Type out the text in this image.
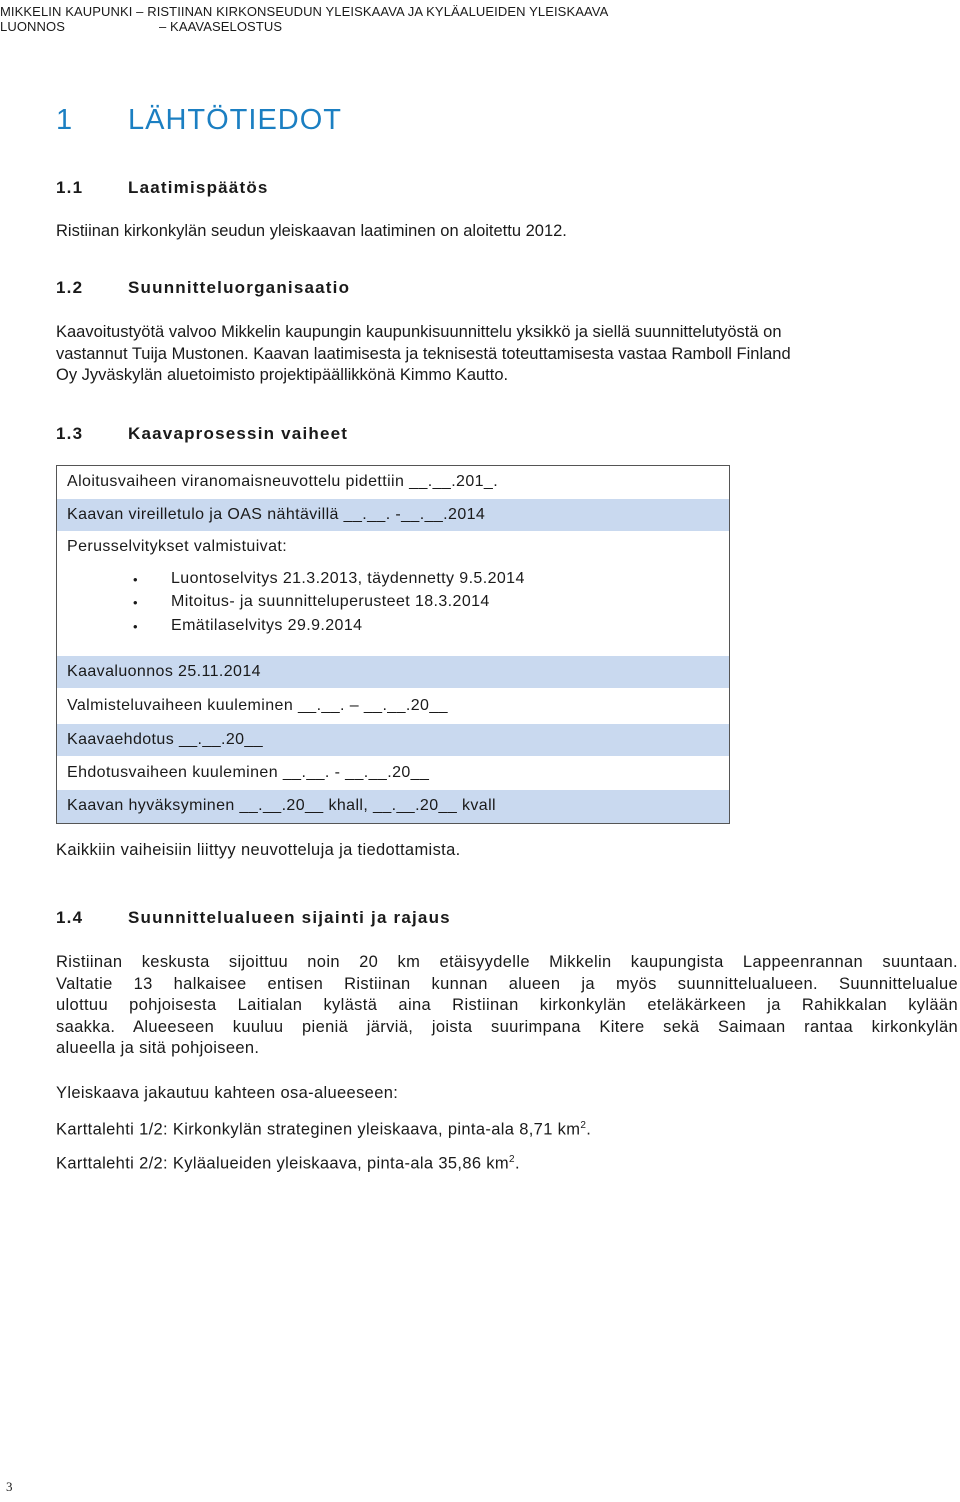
MIKKELIN KAUPUNKI – RISTIINAN KIRKONSEUDUN YLEISKAAVA JA KYLÄALUEIDEN YLEISKAAVA
LUONNOS	– KAAVASELOSTUS
1 LÄHTÖTIEDOT
1.1	Laatimispäätös
Ristiinan kirkonkylän seudun yleiskaavan laatiminen on aloitettu 2012.
1.2	Suunnitteluorganisaatio
Kaavoitustyötä valvoo Mikkelin kaupungin kaupunkisuunnittelu yksikkö ja siellä suunnittelutyöstä on
vastannut Tuija Mustonen. Kaavan laatimisesta ja teknisestä toteuttamisesta vastaa Ramboll Finland
Oy Jyväskylän aluetoimisto projektipäällikkönä Kimmo Kautto.
1.3	Kaavaprosessin vaiheet
Aloitusvaiheen viranomaisneuvottelu pidettiin __.__.201_.
Kaavan vireilletulo ja OAS nähtävillä __.__. -__.__.2014
Perusselvitykset valmistuivat:
• Luontoselvitys 21.3.2013, täydennetty 9.5.2014
• Mitoitus- ja suunnitteluperusteet 18.3.2014
• Emätilaselvitys 29.9.2014
Kaavaluonnos 25.11.2014
Valmisteluvaiheen kuuleminen __.__. – __.__.20__
Kaavaehdotus __.__.20__
Ehdotusvaiheen kuuleminen __.__. - __.__.20__
Kaavan hyväksyminen __.__.20__ khall, __.__.20__ kvall
Kaikkiin vaiheisiin liittyy neuvotteluja ja tiedottamista.
1.4	Suunnittelualueen sijainti ja rajaus
Ristiinan keskusta sijoittuu noin 20 km etäisyydelle Mikkelin kaupungista Lappeenrannan suuntaan.
Valtatie 13 halkaisee entisen Ristiinan kunnan alueen ja myös suunnittelualueen. Suunnittelualue
ulottuu pohjoisesta Laitialan kylästä aina Ristiinan kirkonkylän eteläkärkeen ja Rahikkalan kylään
saakka. Alueeseen kuuluu pieniä järviä, joista suurimpana Kitere sekä Saimaan rantaa kirkonkylän
alueella ja sitä pohjoiseen.
Yleiskaava jakautuu kahteen osa-alueeseen:
Karttalehti 1/2: Kirkonkylän strateginen yleiskaava, pinta-ala 8,71 $km^2$.
Karttalehti 2/2: Kyläalueiden yleiskaava, pinta-ala 35,86 $km^2$.
3
